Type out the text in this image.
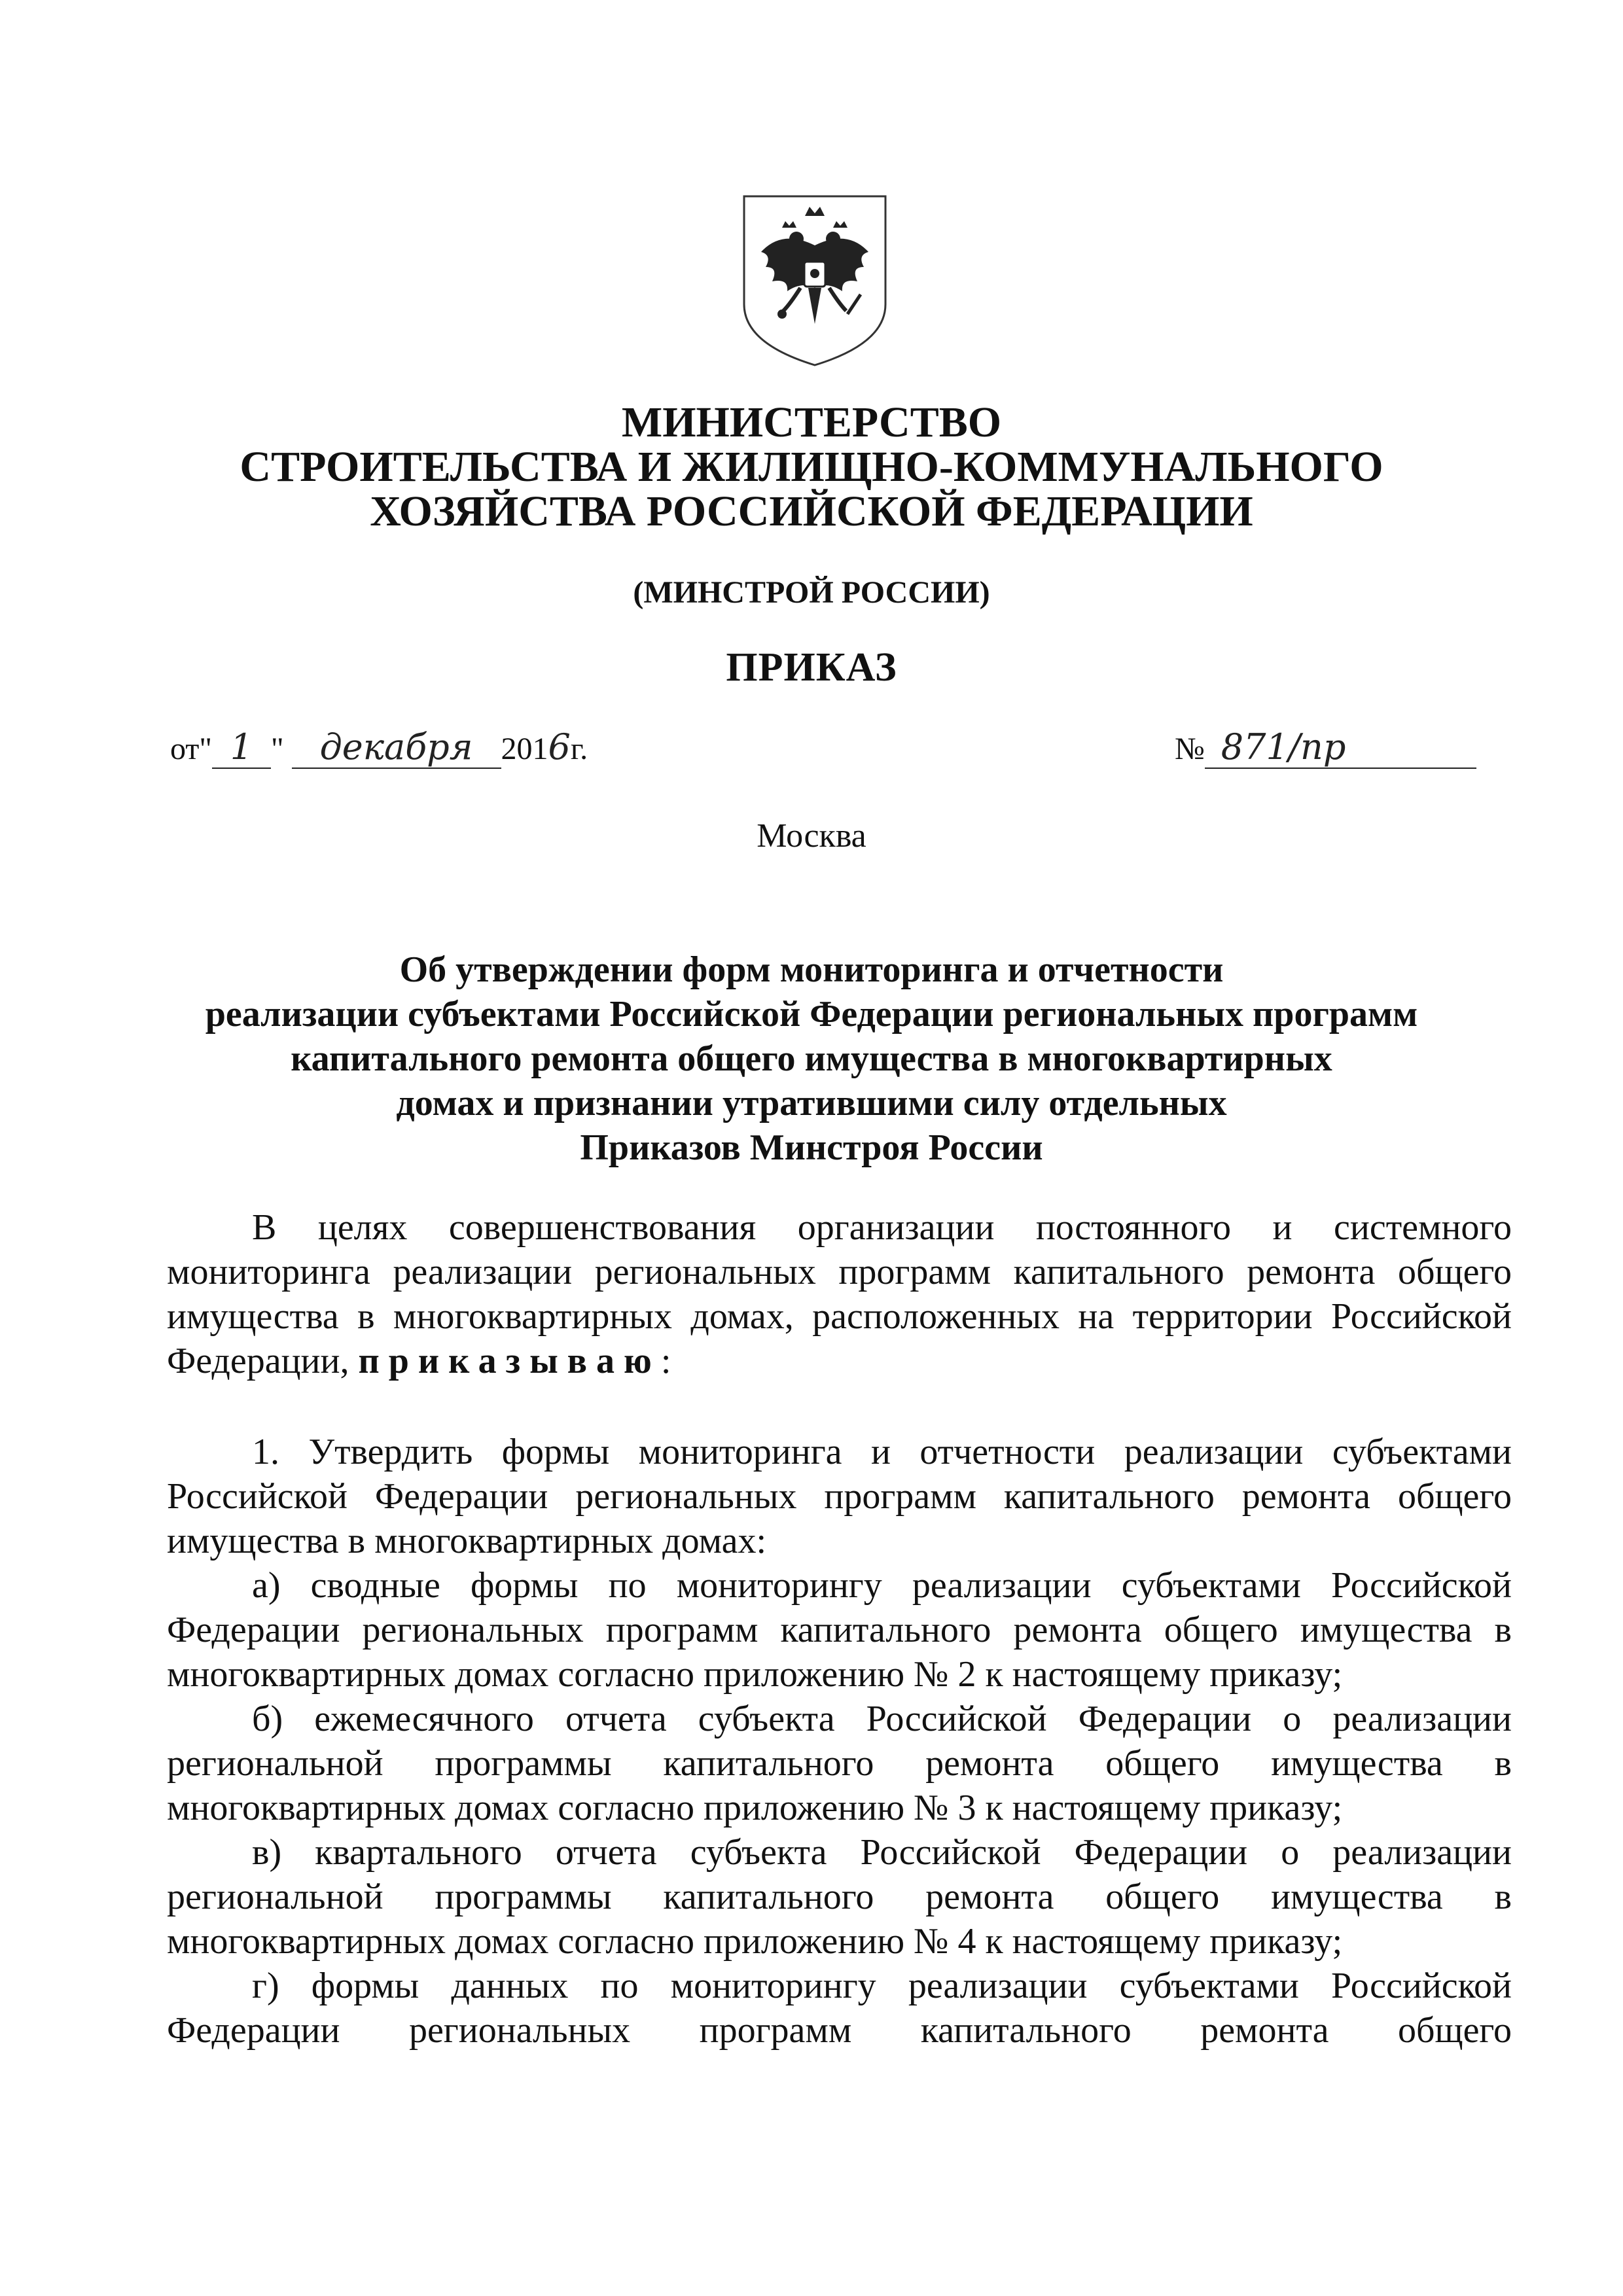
МИНИСТЕРСТВО
СТРОИТЕЛЬСТВА И ЖИЛИЩНО-КОММУНАЛЬНОГО
ХОЗЯЙСТВА РОССИЙСКОЙ ФЕДЕРАЦИИ
(МИНСТРОЙ РОССИИ)
ПРИКАЗ
от" 1 " декабря 2016г.	№ 871/пр
Москва
Об утверждении форм мониторинга и отчетности
реализации субъектами Российской Федерации региональных программ
капитального ремонта общего имущества в многоквартирных
домах и признании утратившими силу отдельных
Приказов Минстроя России

В целях совершенствования организации постоянного и системного мониторинга реализации региональных программ капитального ремонта общего имущества в многоквартирных домах, расположенных на территории Российской Федерации, приказываю:

1. Утвердить формы мониторинга и отчетности реализации субъектами Российской Федерации региональных программ капитального ремонта общего имущества в многоквартирных домах:

а) сводные формы по мониторингу реализации субъектами Российской Федерации региональных программ капитального ремонта общего имущества в многоквартирных домах согласно приложению № 2 к настоящему приказу;

б) ежемесячного отчета субъекта Российской Федерации о реализации региональной программы капитального ремонта общего имущества в многоквартирных домах согласно приложению № 3 к настоящему приказу;

в) квартального отчета субъекта Российской Федерации о реализации региональной программы капитального ремонта общего имущества в многоквартирных домах согласно приложению № 4 к настоящему приказу;

г) формы данных по мониторингу реализации субъектами Российской Федерации региональных программ капитального ремонта общего
